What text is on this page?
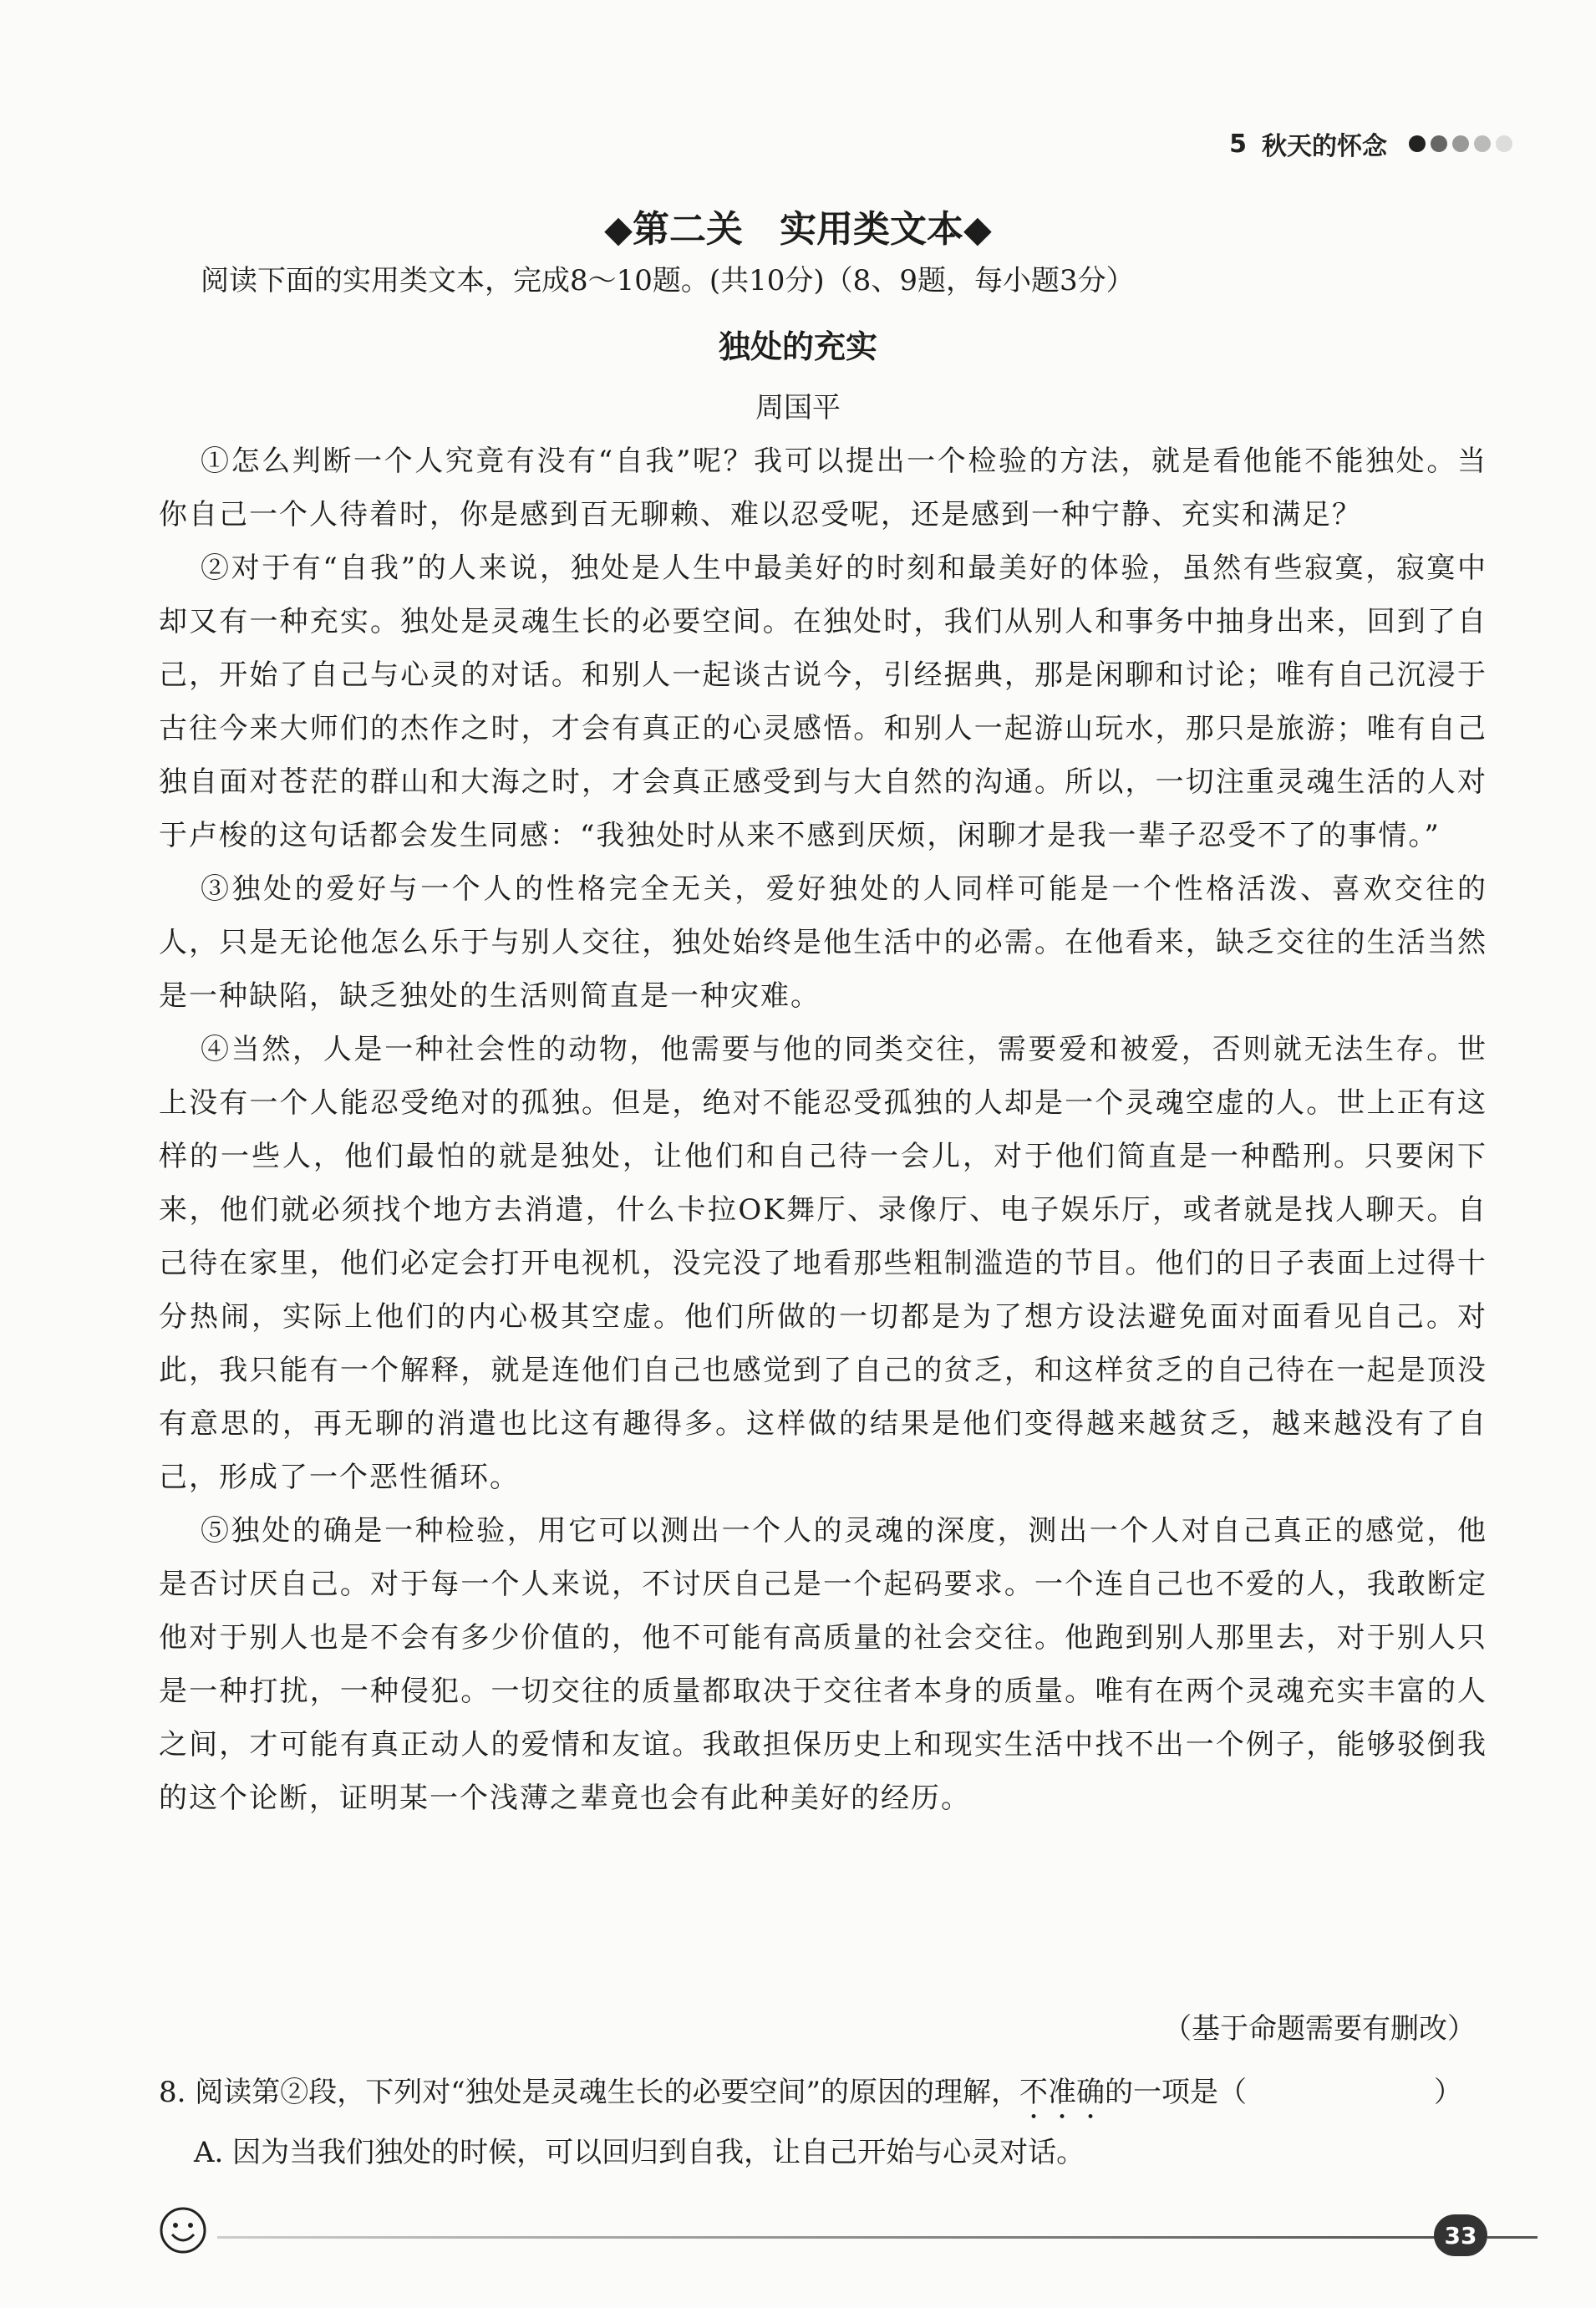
5 秋天的怀念
◆第二关　实用类文本◆
阅读下面的实用类文本，完成8～10题。(共10分)（8、9题，每小题3分）
独处的充实
周国平

①怎么判断一个人究竟有没有“自我”呢？我可以提出一个检验的方法，就是看他能不能独处。当你自己一个人待着时，你是感到百无聊赖、难以忍受呢，还是感到一种宁静、充实和满足？

②对于有“自我”的人来说，独处是人生中最美好的时刻和最美好的体验，虽然有些寂寞，寂寞中却又有一种充实。独处是灵魂生长的必要空间。在独处时，我们从别人和事务中抽身出来，回到了自己，开始了自己与心灵的对话。和别人一起谈古说今，引经据典，那是闲聊和讨论；唯有自己沉浸于古往今来大师们的杰作之时，才会有真正的心灵感悟。和别人一起游山玩水，那只是旅游；唯有自己独自面对苍茫的群山和大海之时，才会真正感受到与大自然的沟通。所以，一切注重灵魂生活的人对于卢梭的这句话都会发生同感：“我独处时从来不感到厌烦，闲聊才是我一辈子忍受不了的事情。”

③独处的爱好与一个人的性格完全无关，爱好独处的人同样可能是一个性格活泼、喜欢交往的人，只是无论他怎么乐于与别人交往，独处始终是他生活中的必需。在他看来，缺乏交往的生活当然是一种缺陷，缺乏独处的生活则简直是一种灾难。

④当然，人是一种社会性的动物，他需要与他的同类交往，需要爱和被爱，否则就无法生存。世上没有一个人能忍受绝对的孤独。但是，绝对不能忍受孤独的人却是一个灵魂空虚的人。世上正有这样的一些人，他们最怕的就是独处，让他们和自己待一会儿，对于他们简直是一种酷刑。只要闲下来，他们就必须找个地方去消遣，什么卡拉OK舞厅、录像厅、电子娱乐厅，或者就是找人聊天。自己待在家里，他们必定会打开电视机，没完没了地看那些粗制滥造的节目。他们的日子表面上过得十分热闹，实际上他们的内心极其空虚。他们所做的一切都是为了想方设法避免面对面看见自己。对此，我只能有一个解释，就是连他们自己也感觉到了自己的贫乏，和这样贫乏的自己待在一起是顶没有意思的，再无聊的消遣也比这有趣得多。这样做的结果是他们变得越来越贫乏，越来越没有了自己，形成了一个恶性循环。

⑤独处的确是一种检验，用它可以测出一个人的灵魂的深度，测出一个人对自己真正的感觉，他是否讨厌自己。对于每一个人来说，不讨厌自己是一个起码要求。一个连自己也不爱的人，我敢断定他对于别人也是不会有多少价值的，他不可能有高质量的社会交往。他跑到别人那里去，对于别人只是一种打扰，一种侵犯。一切交往的质量都取决于交往者本身的质量。唯有在两个灵魂充实丰富的人之间，才可能有真正动人的爱情和友谊。我敢担保历史上和现实生活中找不出一个例子，能够驳倒我的这个论断，证明某一个浅薄之辈竟也会有此种美好的经历。

（基于命题需要有删改）
8. 阅读第②段，下列对“独处是灵魂生长的必要空间”的原因的理解，不准确的一项是（	）
A. 因为当我们独处的时候，可以回归到自我，让自己开始与心灵对话。
33
